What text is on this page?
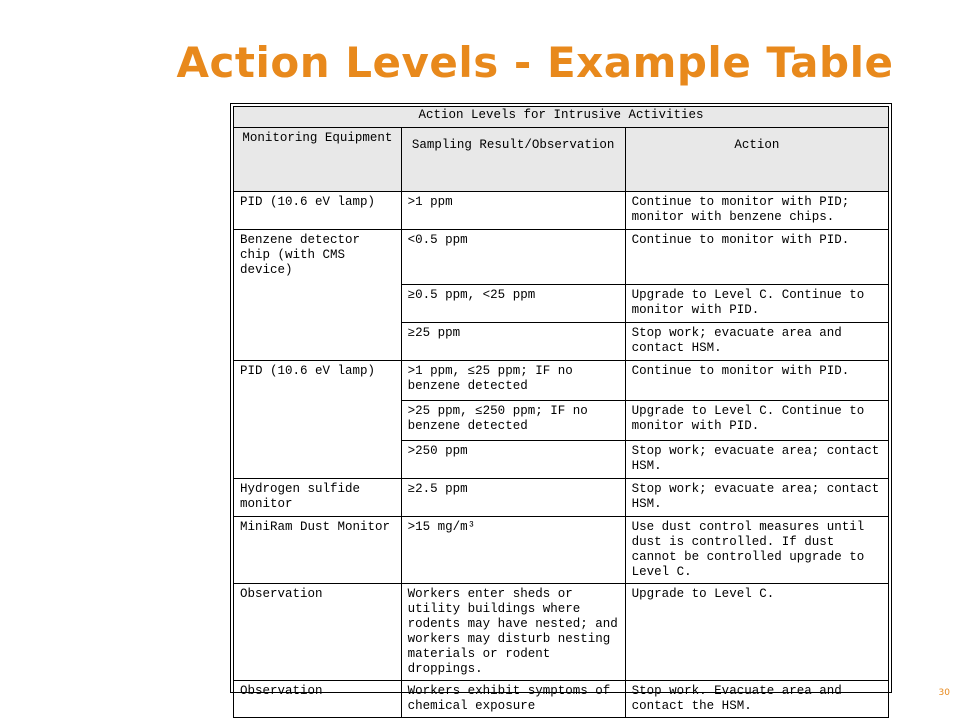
Action Levels - Example Table
Action Levels for Intrusive Activities		
Monitoring Equipment	Sampling Result/Observation	Action
PID (10.6 eV lamp)	>1 ppm	Continue to monitor with PID; monitor with benzene chips.
Benzene detector chip (with CMS device)	<0.5 ppm	Continue to monitor with PID.
	≥0.5 ppm, <25 ppm	Upgrade to Level C. Continue to monitor with PID.
	≥25 ppm	Stop work; evacuate area and contact HSM.
PID (10.6 eV lamp)	>1 ppm, ≤25 ppm; IF no benzene detected	Continue to monitor with PID.
	>25 ppm, ≤250 ppm; IF no benzene detected	Upgrade to Level C. Continue to monitor with PID.
	>250 ppm	Stop work; evacuate area; contact HSM.
Hydrogen sulfide monitor	≥2.5 ppm	Stop work; evacuate area; contact HSM.
MiniRam Dust Monitor	>15 mg/m³	Use dust control measures until dust is controlled. If dust cannot be controlled upgrade to Level C.
Observation	Workers enter sheds or utility buildings where rodents may have nested; and workers may disturb nesting materials or rodent droppings.	Upgrade to Level C.
Observation	Workers exhibit symptoms of chemical exposure	Stop work. Evacuate area and contact the HSM.
30
